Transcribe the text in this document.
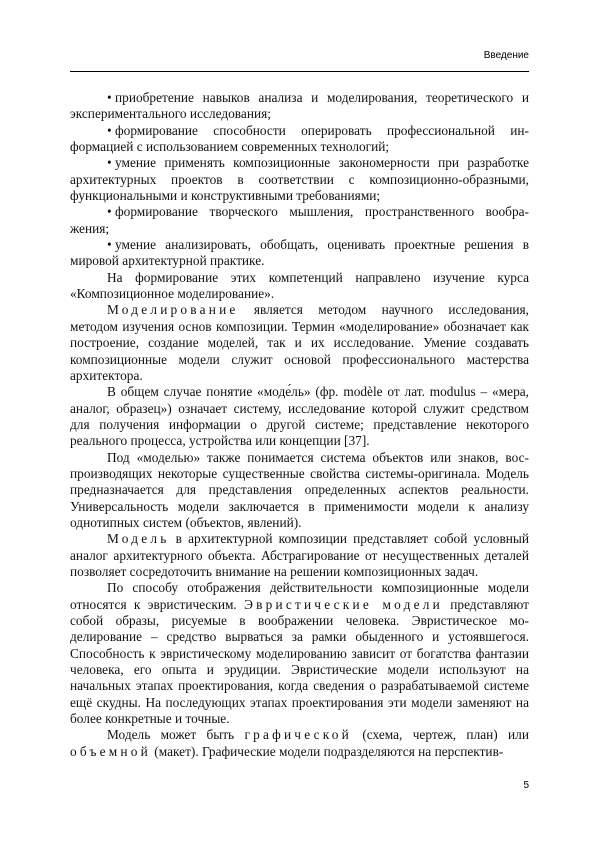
Введение

• приобретение навыков анализа и моделирования, теоретического и экспериментального исследования;

• формирование способности оперировать профессиональной информацией с использованием современных технологий;

• умение применять композиционные закономерности при разработке архитектурных проектов в соответствии с композиционно-образными, функциональными и конструктивными требованиями;

• формирование творческого мышления, пространственного воображения;

• умение анализировать, обобщать, оценивать проектные решения в мировой архитектурной практике.

На формирование этих компетенций направлено изучение курса «Композиционное моделирование».

Моделирование является методом научного исследования, методом изучения основ композиции. Термин «моделирование» обозначает как построение, создание моделей, так и их исследование. Умение создавать композиционные модели служит основой профессионального мастерства архитектора.

В общем случае понятие «моде́ль» (фр. modèle от лат. modulus – «мера, аналог, образец») означает систему, исследование которой служит средством для получения информации о другой системе; представление некоторого реального процесса, устройства или концепции [37].

Под «моделью» также понимается система объектов или знаков, воспроизводящих некоторые существенные свойства системы-оригинала. Модель предназначается для представления определенных аспектов реальности. Универсальность модели заключается в применимости модели к анализу однотипных систем (объектов, явлений).

Модель в архитектурной композиции представляет собой условный аналог архитектурного объекта. Абстрагирование от несущественных деталей позволяет сосредоточить внимание на решении композиционных задач.

По способу отображения действительности композиционные модели относятся к эвристическим. Эвристические модели представляют собой образы, рисуемые в воображении человека. Эвристическое моделирование – средство вырваться за рамки обыденного и устоявшегося. Способность к эвристическому моделированию зависит от богатства фантазии человека, его опыта и эрудиции. Эвристические модели используют на начальных этапах проектирования, когда сведения о разрабатываемой системе ещё скудны. На последующих этапах проектирования эти модели заменяют на более конкретные и точные.

Модель может быть графической (схема, чертеж, план) или объемной (макет). Графические модели подразделяются на перспектив-

5
